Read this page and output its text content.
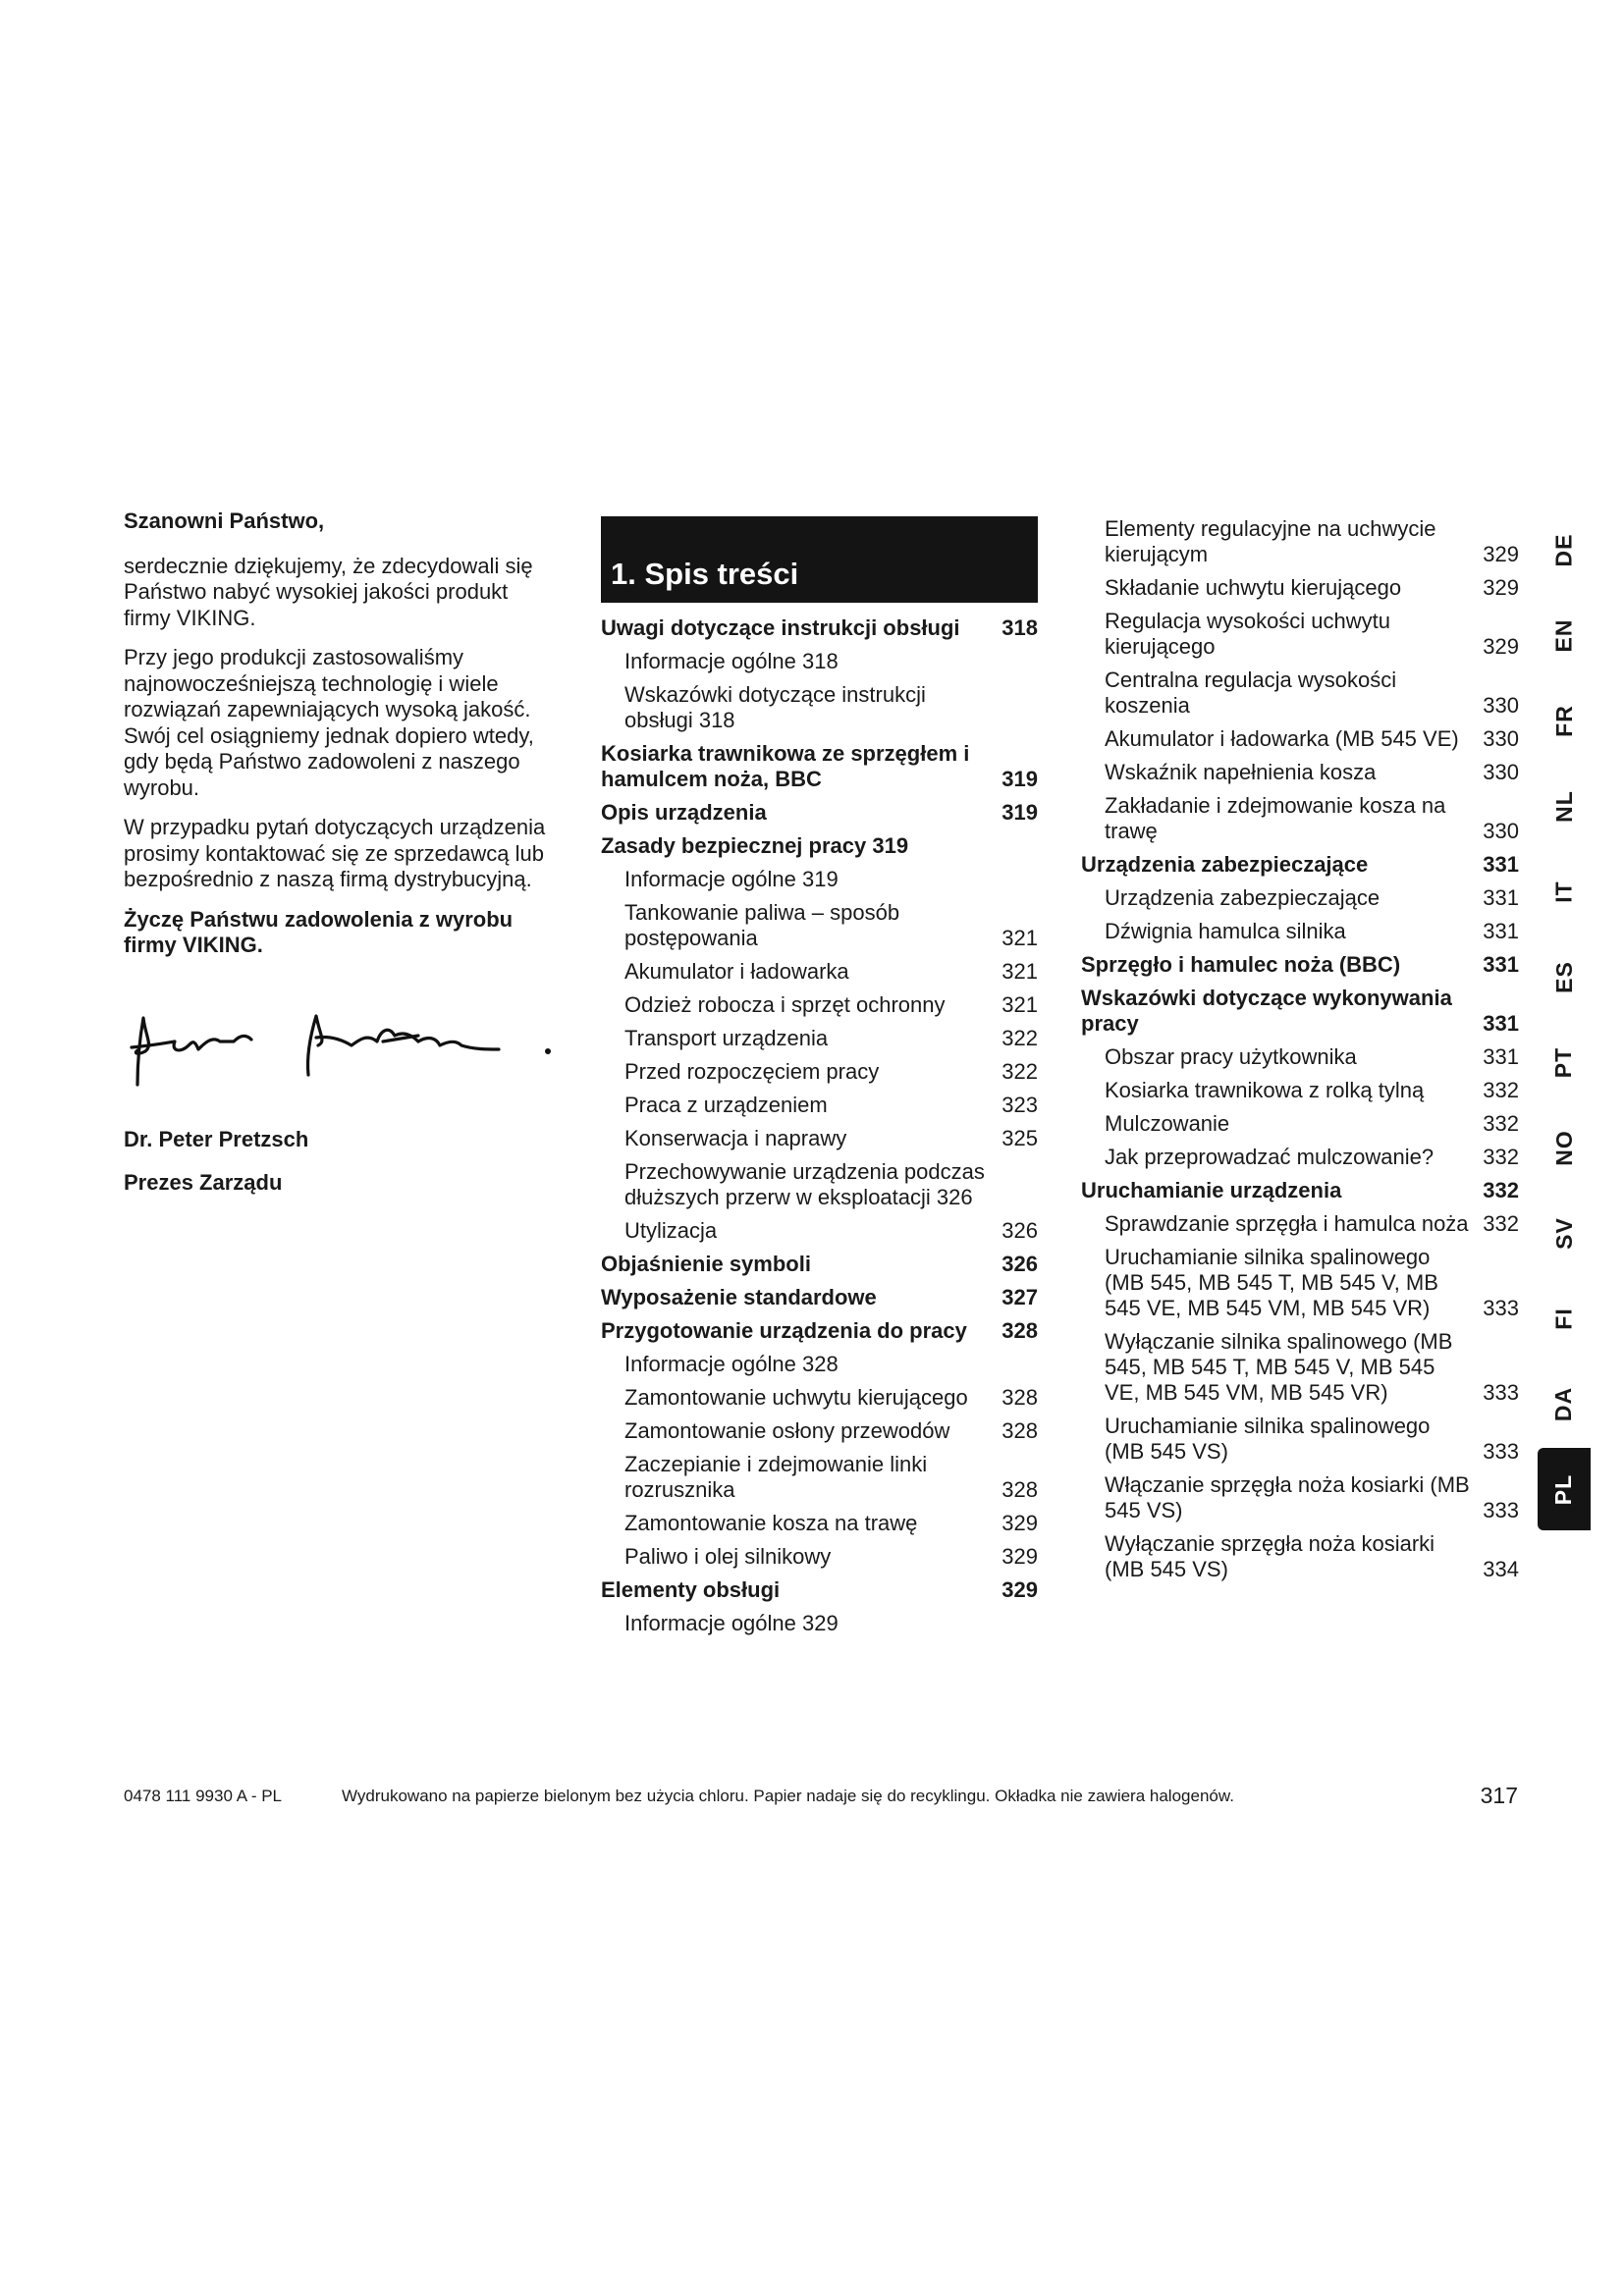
Szanowni Państwo,

serdecznie dziękujemy, że zdecydowali się Państwo nabyć wysokiej jakości produkt firmy VIKING.

Przy jego produkcji zastosowaliśmy najnowocześniejszą technologię i wiele rozwiązań zapewniających wysoką jakość. Swój cel osiągniemy jednak dopiero wtedy, gdy będą Państwo zadowoleni z naszego wyrobu.

W przypadku pytań dotyczących urządzenia prosimy kontaktować się ze sprzedawcą lub bezpośrednio z naszą firmą dystrybucyjną.

Życzę Państwu zadowolenia z wyrobu firmy VIKING.

Dr. Peter Pretzsch
Prezes Zarządu
1. Spis treści
Uwagi dotyczące instrukcji obsługi	318
Informacje ogólne 318
Wskazówki dotyczące instrukcji obsługi 318
Kosiarka trawnikowa ze sprzęgłem i hamulcem noża, BBC	319
Opis urządzenia	319
Zasady bezpiecznej pracy 319
Informacje ogólne 319
Tankowanie paliwa – sposób postępowania	321
Akumulator i ładowarka	321
Odzież robocza i sprzęt ochronny	321
Transport urządzenia	322
Przed rozpoczęciem pracy	322
Praca z urządzeniem	323
Konserwacja i naprawy	325
Przechowywanie urządzenia podczas dłuższych przerw w eksploatacji 326
Utylizacja	326
Objaśnienie symboli	326
Wyposażenie standardowe	327
Przygotowanie urządzenia do pracy	328
Informacje ogólne 328
Zamontowanie uchwytu kierującego	328
Zamontowanie osłony przewodów	328
Zaczepianie i zdejmowanie linki rozrusznika	328
Zamontowanie kosza na trawę	329
Paliwo i olej silnikowy	329
Elementy obsługi	329
Informacje ogólne 329
Elementy regulacyjne na uchwycie kierującym	329
Składanie uchwytu kierującego	329
Regulacja wysokości uchwytu kierującego	329
Centralna regulacja wysokości koszenia	330
Akumulator i ładowarka (MB 545 VE)	330
Wskaźnik napełnienia kosza	330
Zakładanie i zdejmowanie kosza na trawę	330
Urządzenia zabezpieczające	331
Urządzenia zabezpieczające	331
Dźwignia hamulca silnika	331
Sprzęgło i hamulec noża (BBC)	331
Wskazówki dotyczące wykonywania pracy	331
Obszar pracy użytkownika	331
Kosiarka trawnikowa z rolką tylną	332
Mulczowanie	332
Jak przeprowadzać mulczowanie?	332
Uruchamianie urządzenia	332
Sprawdzanie sprzęgła i hamulca noża 332
Uruchamianie silnika spalinowego (MB 545, MB 545 T, MB 545 V, MB 545 VE, MB 545 VM, MB 545 VR)	333
Wyłączanie silnika spalinowego (MB 545, MB 545 T, MB 545 V, MB 545 VE, MB 545 VM, MB 545 VR)	333
Uruchamianie silnika spalinowego (MB 545 VS)	333
Włączanie sprzęgła noża kosiarki (MB 545 VS)	333
Wyłączanie sprzęgła noża kosiarki (MB 545 VS)	334
DE
EN
FR
NL
IT
ES
PT
NO
SV
FI
DA
PL
0478 111 9930 A - PL	Wydrukowano na papierze bielonym bez użycia chloru. Papier nadaje się do recyklingu. Okładka nie zawiera halogenów.	317
